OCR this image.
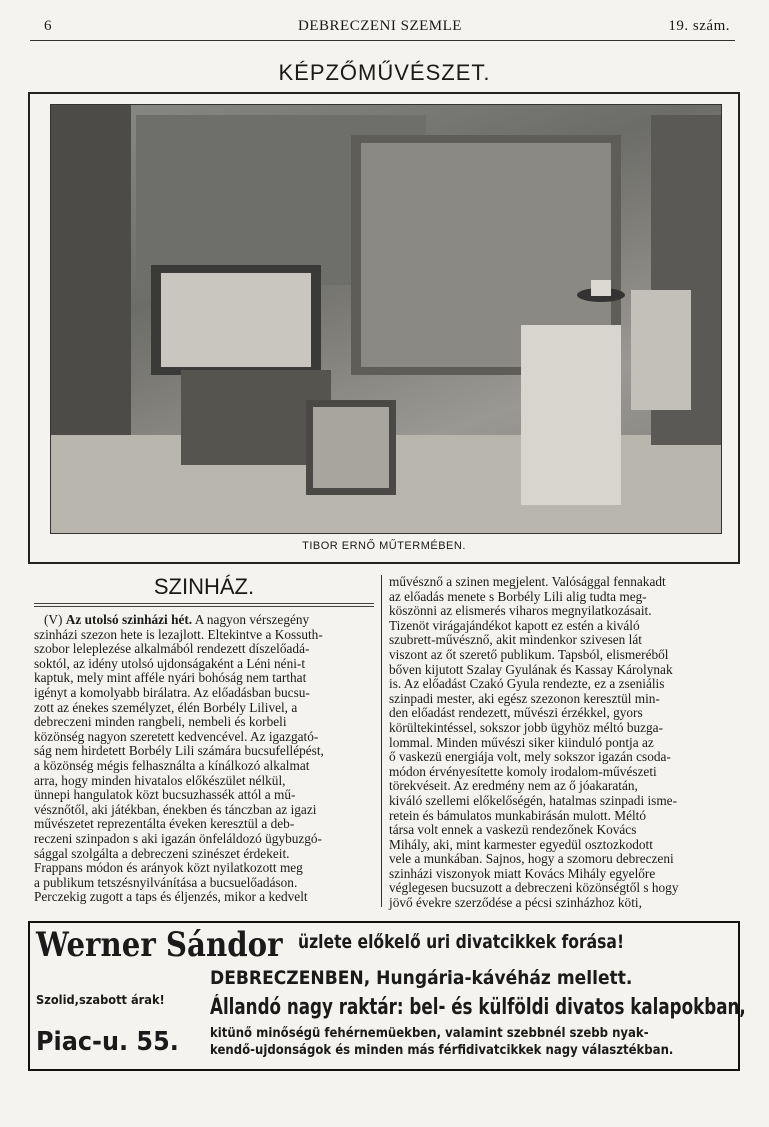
6	DEBRECZENI SZEMLE	19. szám.
KÉPZŐMŰVÉSZET.
TIBOR ERNŐ MŰTERMÉBEN.
SZINHÁZ.

(V) Az utolsó szinházi hét. A nagyon vérszegény

szinházi szezon hete is lezajlott. Eltekintve a Kossuth-
szobor leleplezése alkalmából rendezett díszelőadá-
soktól, az idény utolsó ujdonságaként a Léni néni-t
kaptuk, mely mint afféle nyári bohóság nem tarthat
igényt a komolyabb birálatra. Az előadásban bucsu-
zott az énekes személyzet, élén Borbély Lilivel, a
debreczeni minden rangbeli, nembeli és korbeli
közönség nagyon szeretett kedvencével. Az igazgató-
ság nem hirdetett Borbély Lili számára bucsufellépést,
a közönség mégis felhasználta a kínálkozó alkalmat
arra, hogy minden hivatalos előkészület nélkül,
ünnepi hangulatok közt bucsuzhassék attól a mű-
vésznőtől, aki játékban, énekben és tánczban az igazi
művészetet reprezentálta éveken keresztül a deb-
reczeni szinpadon s aki igazán önfeláldozó ügybuzgó-
sággal szolgálta a debreczeni szinészet érdekeit.
Frappans módon és arányok közt nyilatkozott meg
a publikum tetszésnyilvánítása a bucsuelőadáson.
Perczekig zugott a taps és éljenzés, mikor a kedvelt
művésznő a szinen megjelent. Valósággal fennakadt
az előadás menete s Borbély Lili alig tudta meg-
köszönni az elismerés viharos megnyilatkozásait.
Tizenöt virágajándékot kapott ez estén a kiváló
szubrett-művésznő, akit mindenkor szivesen lát
viszont az őt szerető publikum. Tapsból, elismeréből
bőven kijutott Szalay Gyulának és Kassay Károlynak
is. Az előadást Czakó Gyula rendezte, ez a zseniális
szinpadi mester, aki egész szezonon keresztül min-
den előadást rendezett, művészi érzékkel, gyors
körültekintéssel, sokszor jobb ügyhöz méltó buzga-
lommal. Minden művészi siker kiinduló pontja az
ő vaskezü energiája volt, mely sokszor igazán csoda-
módon érvényesítette komoly irodalom-művészeti
törekvéseit. Az eredmény nem az ő jóakaratán,
kiváló szellemi előkelőségén, hatalmas szinpadi isme-
retein és bámulatos munkabirásán mulott. Méltó
társa volt ennek a vaskezü rendezőnek Kovács
Mihály, aki, mint karmester egyedül osztozkodott
vele a munkában. Sajnos, hogy a szomoru debreczeni
szinházi viszonyok miatt Kovács Mihály egyelőre
véglegesen bucsuzott a debreczeni közönségtől s hogy
jövő évekre szerződése a pécsi szinházhoz köti,
Werner Sándor üzlete előkelő uri divatcikkek forása!
DEBRECZENBEN, Hungária-kávéház mellett.
Állandó nagy raktár: bel- és külföldi divatos kalapokban,
kitünő minőségü fehérnemüekben, valamint szebbnél szebb nyak-
kendő-ujdonságok és minden más férfidivatcikkek nagy választékban.
Szolid,szabott árak!
Piac-u. 55.
